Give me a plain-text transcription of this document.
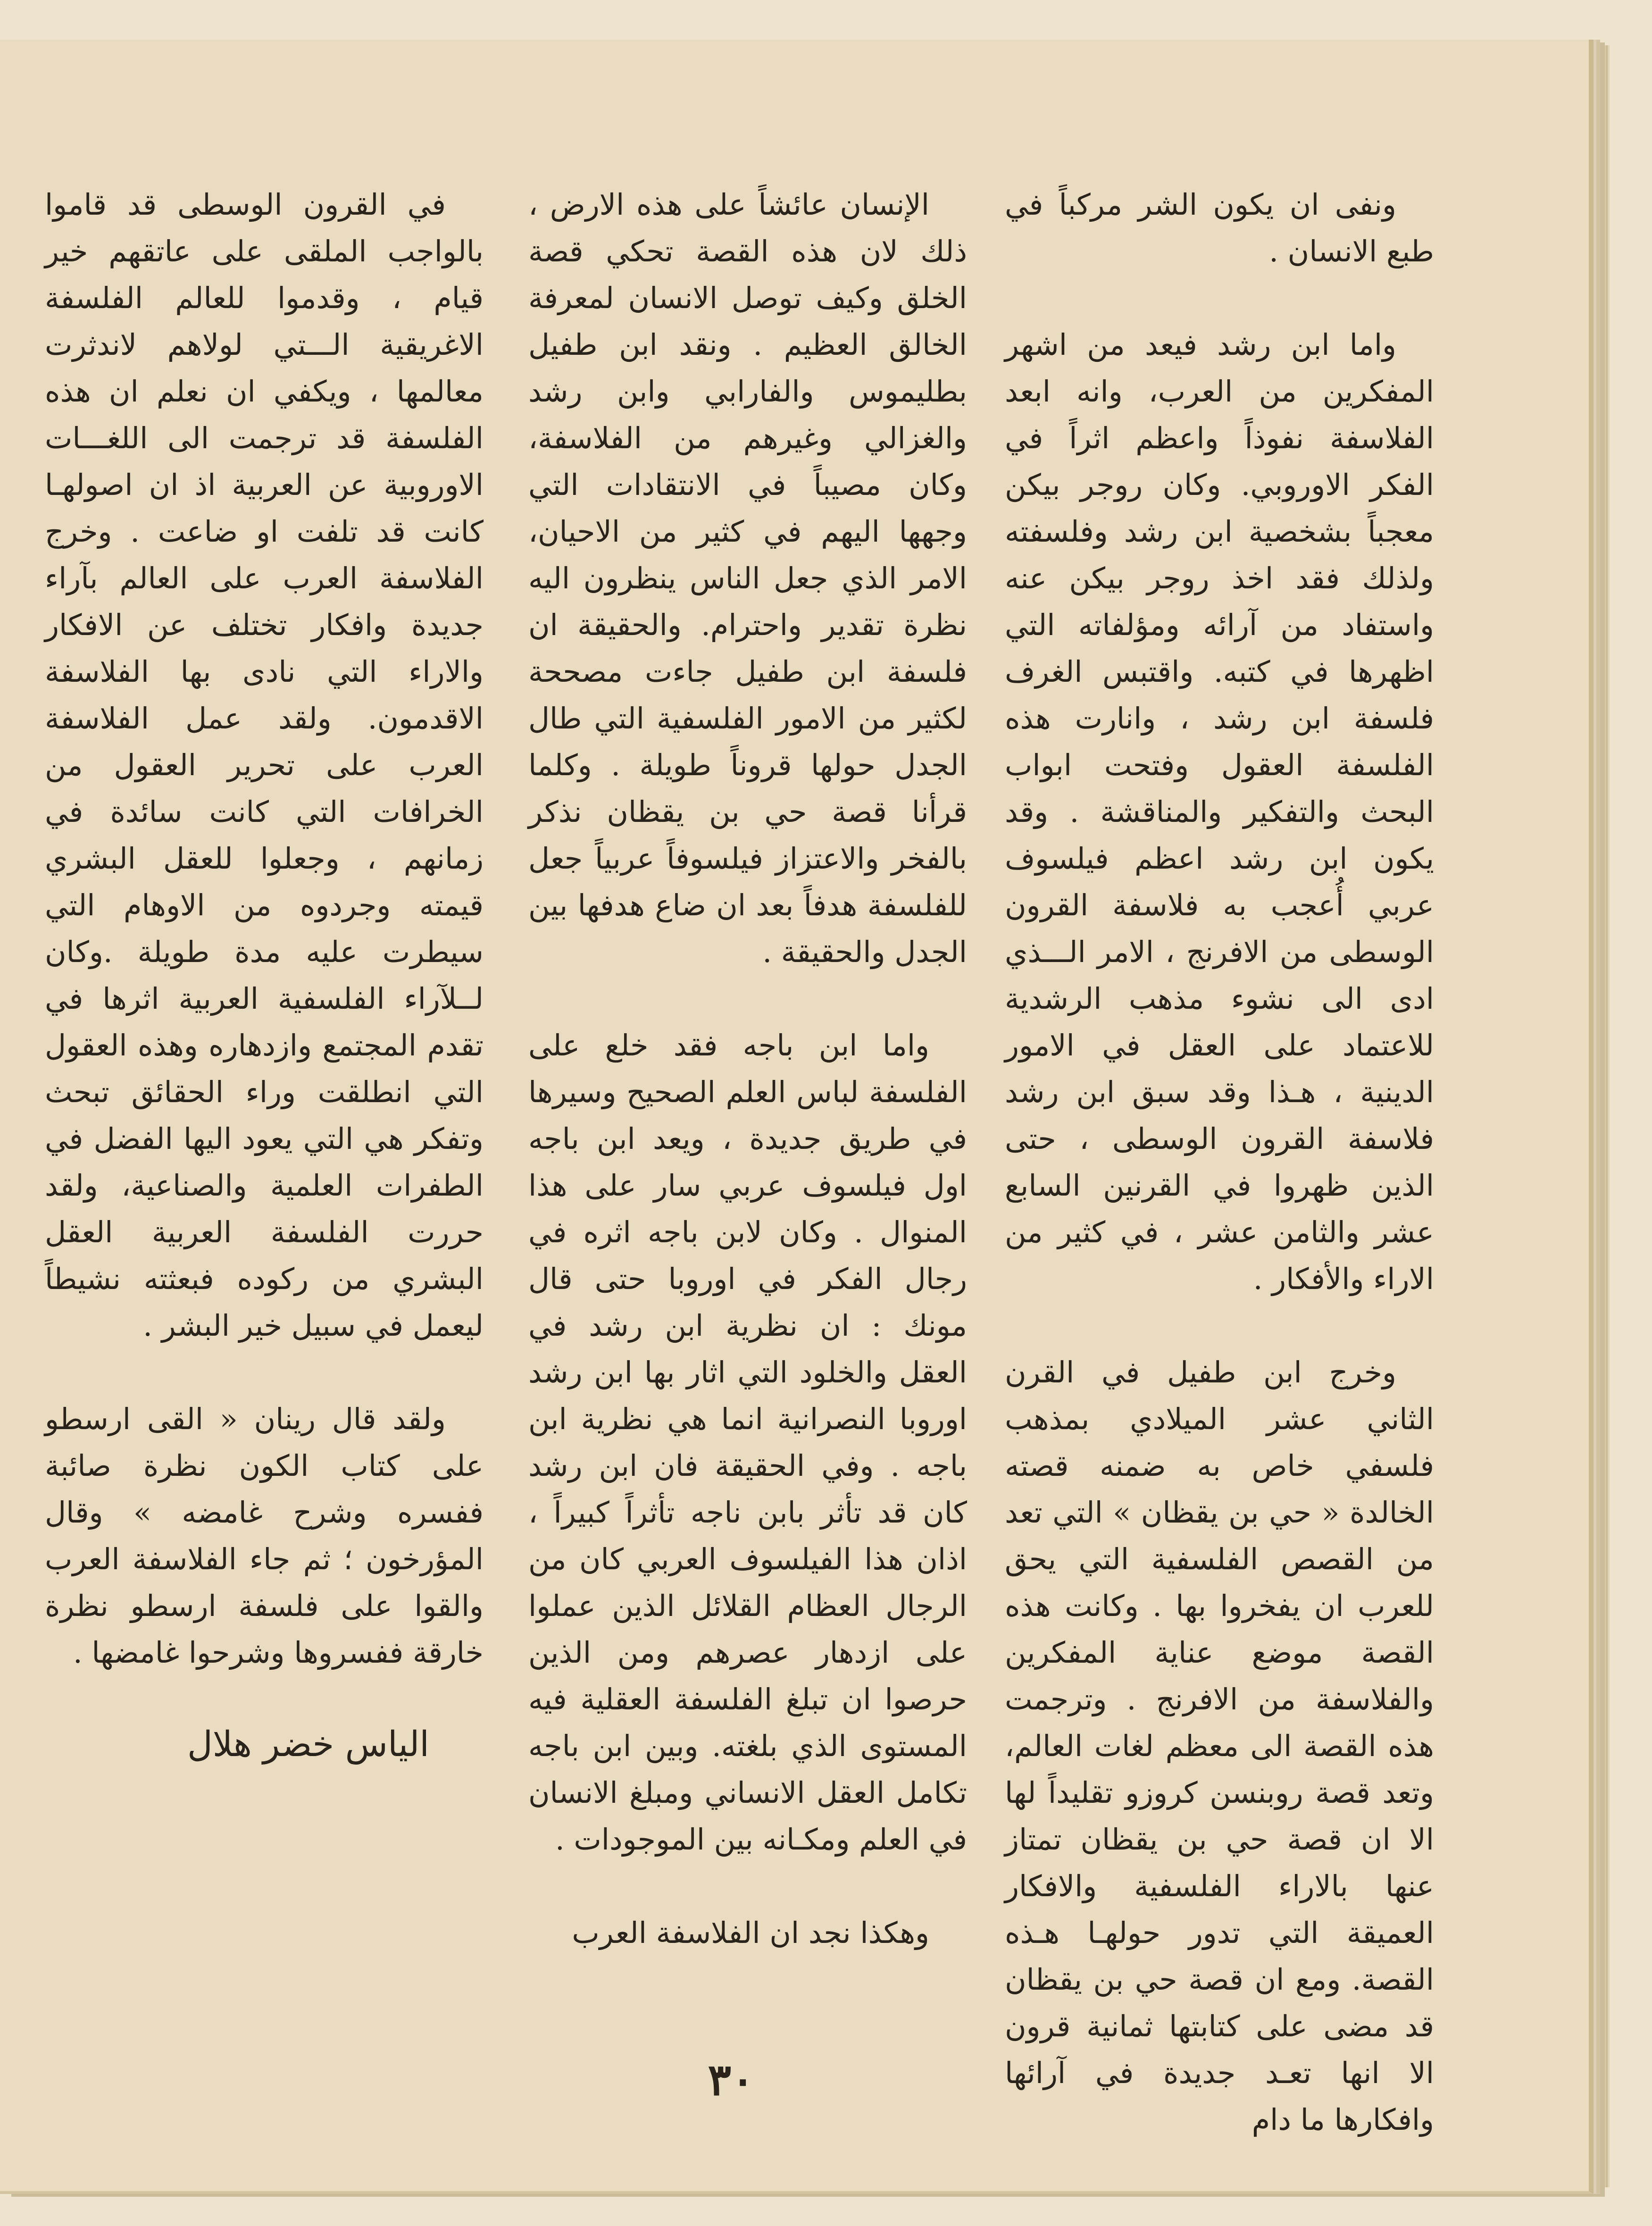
ونفى ان يكون الشر مركباً في طبع الانسان .

واما ابن رشد فيعد من اشهر المفكرين من العرب، وانه ابعد الفلاسفة نفوذاً واعظم اثراً في الفكر الاوروبي. وكان روجر بيكن معجباً بشخصية ابن رشد وفلسفته ولذلك فقد اخذ روجر بيكن عنه واستفاد من آرائه ومؤلفاته التي اظهرها في كتبه. واقتبس الغرف فلسفة ابن رشد ، وانارت هذه الفلسفة العقول وفتحت ابواب البحث والتفكير والمناقشة . وقد يكون ابن رشد اعظم فيلسوف عربي أُعجب به فلاسفة القرون الوسطى من الافرنج ، الامر الـــذي ادى الى نشوء مذهب الرشدية للاعتماد على العقل في الامور الدينية ، هـذا وقد سبق ابن رشد فلاسفة القرون الوسطى ، حتى الذين ظهروا في القرنين السابع عشر والثامن عشر ، في كثير من الاراء والأفكار .

وخرج ابن طفيل في القرن الثاني عشر الميلادي بمذهب فلسفي خاص به ضمنه قصته الخالدة « حي بن يقظان » التي تعد من القصص الفلسفية التي يحق للعرب ان يفخروا بها . وكانت هذه القصة موضع عناية المفكرين والفلاسفة من الافرنج . وترجمت هذه القصة الى معظم لغات العالم، وتعد قصة روبنسن كروزو تقليداً لها الا ان قصة حي بن يقظان تمتاز عنها بالاراء الفلسفية والافكار العميقة التي تدور حولهـا هـذه القصة. ومع ان قصة حي بن يقظان قد مضى على كتابتها ثمانية قرون الا انها تعـد جديدة في آرائها وافكارها ما دام

الإنسان عائشاً على هذه الارض ، ذلك لان هذه القصة تحكي قصة الخلق وكيف توصل الانسان لمعرفة الخالق العظيم . ونقد ابن طفيل بطليموس والفارابي وابن رشد والغزالي وغيرهم من الفلاسفة، وكان مصيباً في الانتقادات التي وجهها اليهم في كثير من الاحيان، الامر الذي جعل الناس ينظرون اليه نظرة تقدير واحترام. والحقيقة ان فلسفة ابن طفيل جاءت مصححة لكثير من الامور الفلسفية التي طال الجدل حولها قروناً طويلة . وكلما قرأنا قصة حي بن يقظان نذكر بالفخر والاعتزاز فيلسوفاً عربياً جعل للفلسفة هدفاً بعد ان ضاع هدفها بين الجدل والحقيقة .

واما ابن باجه فقد خلع على الفلسفة لباس العلم الصحيح وسيرها في طريق جديدة ، ويعد ابن باجه اول فيلسوف عربي سار على هذا المنوال . وكان لابن باجه اثره في رجال الفكر في اوروبا حتى قال مونك : ان نظرية ابن رشد في العقل والخلود التي اثار بها ابن رشد اوروبا النصرانية انما هي نظرية ابن باجه . وفي الحقيقة فان ابن رشد كان قد تأثر بابن ناجه تأثراً كبيراً ، اذان هذا الفيلسوف العربي كان من الرجال العظام القلائل الذين عملوا على ازدهار عصرهم ومن الذين حرصوا ان تبلغ الفلسفة العقلية فيه المستوى الذي بلغته. وبين ابن باجه تكامل العقل الانساني ومبلغ الانسان في العلم ومكـانه بين الموجودات .

وهكذا نجد ان الفلاسفة العرب

في القرون الوسطى قد قاموا بالواجب الملقى على عاتقهم خير قيام ، وقدموا للعالم الفلسفة الاغريقية الـــتي لولاهم لاندثرت معالمها ، ويكفي ان نعلم ان هذه الفلسفة قد ترجمت الى اللغـــات الاوروبية عن العربية اذ ان اصولهـا كانت قد تلفت او ضاعت . وخرج الفلاسفة العرب على العالم بآراء جديدة وافكار تختلف عن الافكار والاراء التي نادى بها الفلاسفة الاقدمون. ولقد عمل الفلاسفة العرب على تحرير العقول من الخرافات التي كانت سائدة في زمانهم ، وجعلوا للعقل البشري قيمته وجردوه من الاوهام التي سيطرت عليه مدة طويلة .وكان لــلآراء الفلسفية العربية اثرها في تقدم المجتمع وازدهاره وهذه العقول التي انطلقت وراء الحقائق تبحث وتفكر هي التي يعود اليها الفضل في الطفرات العلمية والصناعية، ولقد حررت الفلسفة العربية العقل البشري من ركوده فبعثته نشيطاً ليعمل في سبيل خير البشر .

ولقد قال رينان « القى ارسطو على كتاب الكون نظرة صائبة ففسره وشرح غامضه » وقال المؤرخون ؛ ثم جاء الفلاسفة العرب والقوا على فلسفة ارسطو نظرة خارقة ففسروها وشرحوا غامضها .

الياس خضر هلال
٣٠
